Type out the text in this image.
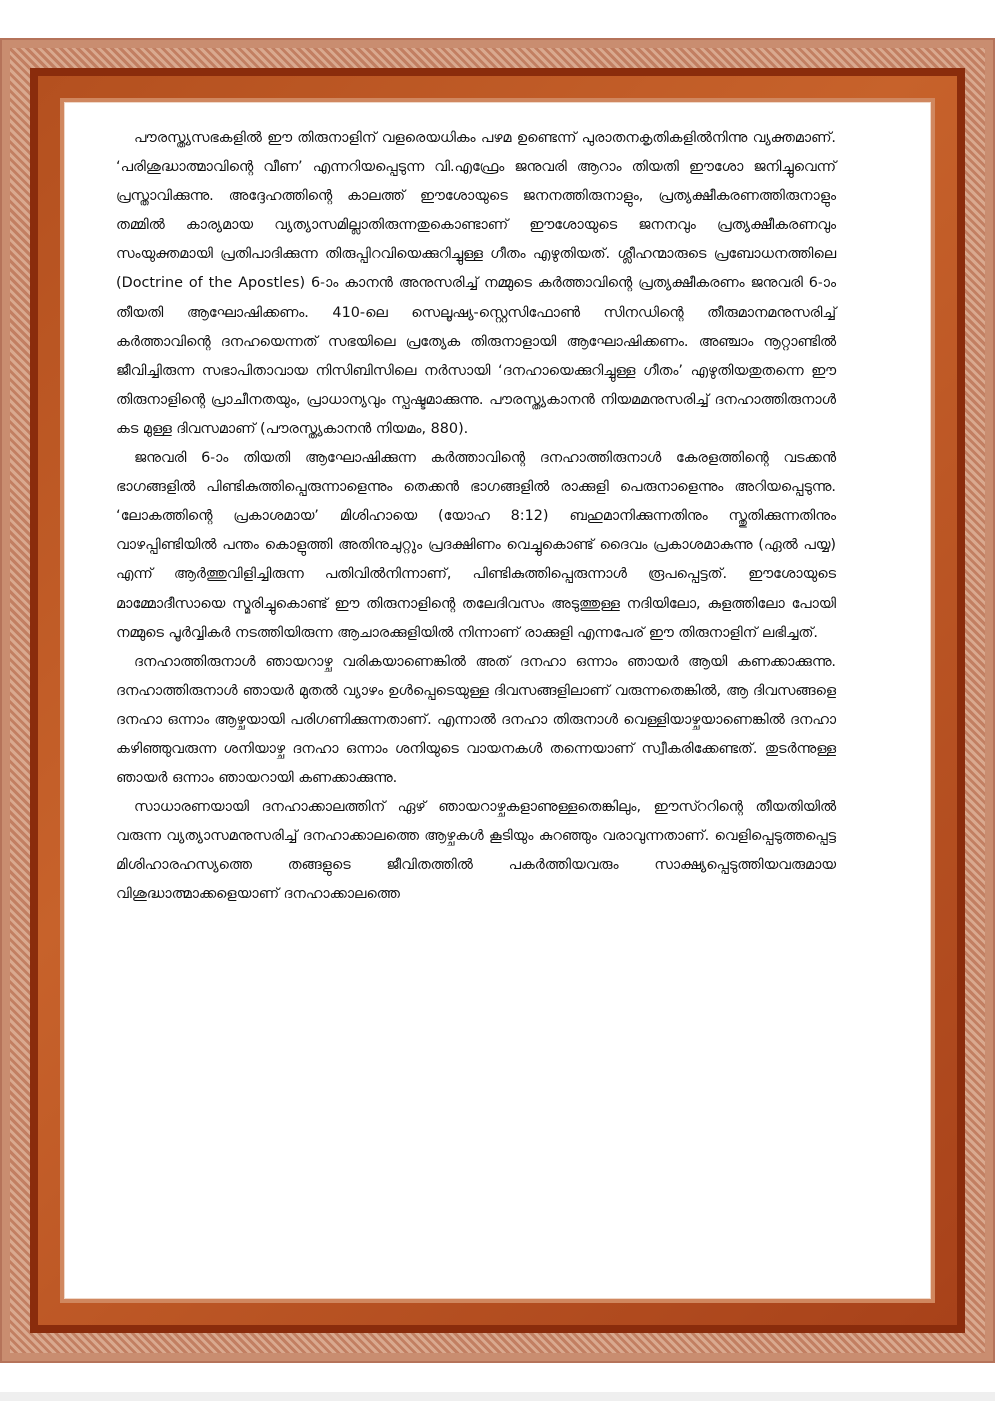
പൗരസ്ത്യസഭകളിൽ ഈ തിരുനാളിന് വളരെയധികം പഴമ ഉണ്ടെന്ന് പുരാതനകൃതികളിൽനിന്നു വ്യക്തമാണ്. ‘പരിശുദ്ധാത്മാവിന്റെ വീണ’ എന്നറിയപ്പെടുന്ന വി.എഫ്രേം ജനുവരി ആറാം തിയതി ഈശോ ജനിച്ചുവെന്ന് പ്രസ്താവിക്കുന്നു. അദ്ദേഹത്തിന്റെ കാലത്ത് ഈശോയുടെ ജനനത്തിരുനാളും, പ്രത്യക്ഷീകരണത്തിരുനാളും തമ്മിൽ കാര്യമായ വ്യത്യാസമില്ലാതിരുന്നതുകൊണ്ടാണ് ഈശോയുടെ ജനനവും പ്രത്യക്ഷീകരണവും സംയുക്തമായി പ്രതിപാദിക്കുന്ന തിരുപ്പിറവിയെക്കുറിച്ചുള്ള ഗീതം എഴുതിയത്. ശ്ലീഹന്മാരുടെ പ്രബോധനത്തിലെ (Doctrine of the Apostles) 6-ാം കാനൻ അനുസരിച്ച് നമ്മുടെ കർത്താവിന്റെ പ്രത്യക്ഷീകരണം ജനുവരി 6-ാം തീയതി ആഘോഷിക്കണം. 410-ലെ സെലൂഷ്യ-സ്റ്റെസിഫോൺ സിനഡിന്റെ തീരുമാനമനുസരിച്ച് കർത്താവിന്റെ ദനഹയെന്നത് സഭയിലെ പ്രത്യേക തിരുനാളായി ആഘോഷിക്കണം. അഞ്ചാം നൂറ്റാണ്ടിൽ ജീവിച്ചിരുന്ന സഭാപിതാവായ നിസിബിസിലെ നർസായി ‘ദനഹായെക്കുറിച്ചുള്ള ഗീതം’ എഴുതിയതുതന്നെ ഈ തിരുനാളിന്റെ പ്രാചീനതയും, പ്രാധാന്യവും സ്പഷ്ടമാക്കുന്നു. പൗരസ്ത്യകാനൻ നിയമമനുസരിച്ച് ദനഹാത്തിരുനാൾ കട മുള്ള ദിവസമാണ് (പൗരസ്ത്യകാനൻ നിയമം, 880).

ജനുവരി 6-ാം തിയതി ആഘോഷിക്കുന്ന കർത്താവിന്റെ ദനഹാത്തിരുനാൾ കേരളത്തിന്റെ വടക്കൻ ഭാഗങ്ങളിൽ പിണ്ടികുത്തിപ്പെരുന്നാളെന്നും തെക്കൻ ഭാഗങ്ങളിൽ രാക്കുളി പെരുനാളെന്നും അറിയപ്പെടുന്നു. ‘ലോകത്തിന്റെ പ്രകാശമായ’ മിശിഹായെ (യോഹ 8:12) ബഹുമാനിക്കുന്നതിനും സ്തുതിക്കുന്നതിനും വാഴപ്പിണ്ടിയിൽ പന്തം കൊളുത്തി അതിനുചുറ്റും പ്രദക്ഷിണം വെച്ചുകൊണ്ട് ദൈവം പ്രകാശമാകുന്നു (ഏൽ പയ്യ) എന്ന് ആർത്തുവിളിച്ചിരുന്ന പതിവിൽനിന്നാണ്, പിണ്ടികുത്തിപ്പെരുന്നാൾ രൂപപ്പെട്ടത്. ഈശോയുടെ മാമ്മോദീസായെ സ്മരിച്ചുകൊണ്ട് ഈ തിരുനാളിന്റെ തലേദിവസം അടുത്തുള്ള നദിയിലോ, കുളത്തിലോ പോയി നമ്മുടെ പൂർവ്വികർ നടത്തിയിരുന്ന ആചാരക്കുളിയിൽ നിന്നാണ് രാക്കുളി എന്നപേര് ഈ തിരുനാളിന് ലഭിച്ചത്.

ദനഹാത്തിരുനാൾ ഞായറാഴ്ച വരികയാണെങ്കിൽ അത് ദനഹാ ഒന്നാം ഞായർ ആയി കണക്കാക്കുന്നു. ദനഹാത്തിരുനാൾ ഞായർ മുതൽ വ്യാഴം ഉൾപ്പെടെയുള്ള ദിവസങ്ങളിലാണ് വരുന്നതെങ്കിൽ, ആ ദിവസങ്ങളെ ദനഹാ ഒന്നാം ആഴ്ചയായി പരിഗണിക്കുന്നതാണ്. എന്നാൽ ദനഹാ തിരുനാൾ വെള്ളിയാഴ്ചയാണെങ്കിൽ ദനഹാ കഴിഞ്ഞുവരുന്ന ശനിയാഴ്ച ദനഹാ ഒന്നാം ശനിയുടെ വായനകൾ തന്നെയാണ് സ്വീകരിക്കേണ്ടത്. തുടർന്നുള്ള ഞായർ ഒന്നാം ഞായറായി കണക്കാക്കുന്നു.

സാധാരണയായി ദനഹാക്കാലത്തിന് ഏഴ് ഞായറാഴ്ചകളാണുള്ളതെങ്കിലും, ഈസ്ററിന്റെ തീയതിയിൽ വരുന്ന വ്യത്യാസമനുസരിച്ച് ദനഹാക്കാലത്തെ ആഴ്ചകൾ കൂടിയും കുറഞ്ഞും വരാവുന്നതാണ്. വെളിപ്പെടുത്തപ്പെട്ട മിശിഹാരഹസ്യത്തെ തങ്ങളുടെ ജീവിതത്തിൽ പകർത്തിയവരും സാക്ഷ്യപ്പെടുത്തിയവരുമായ വിശുദ്ധാത്മാക്കളെയാണ് ദനഹാക്കാലത്തെ
